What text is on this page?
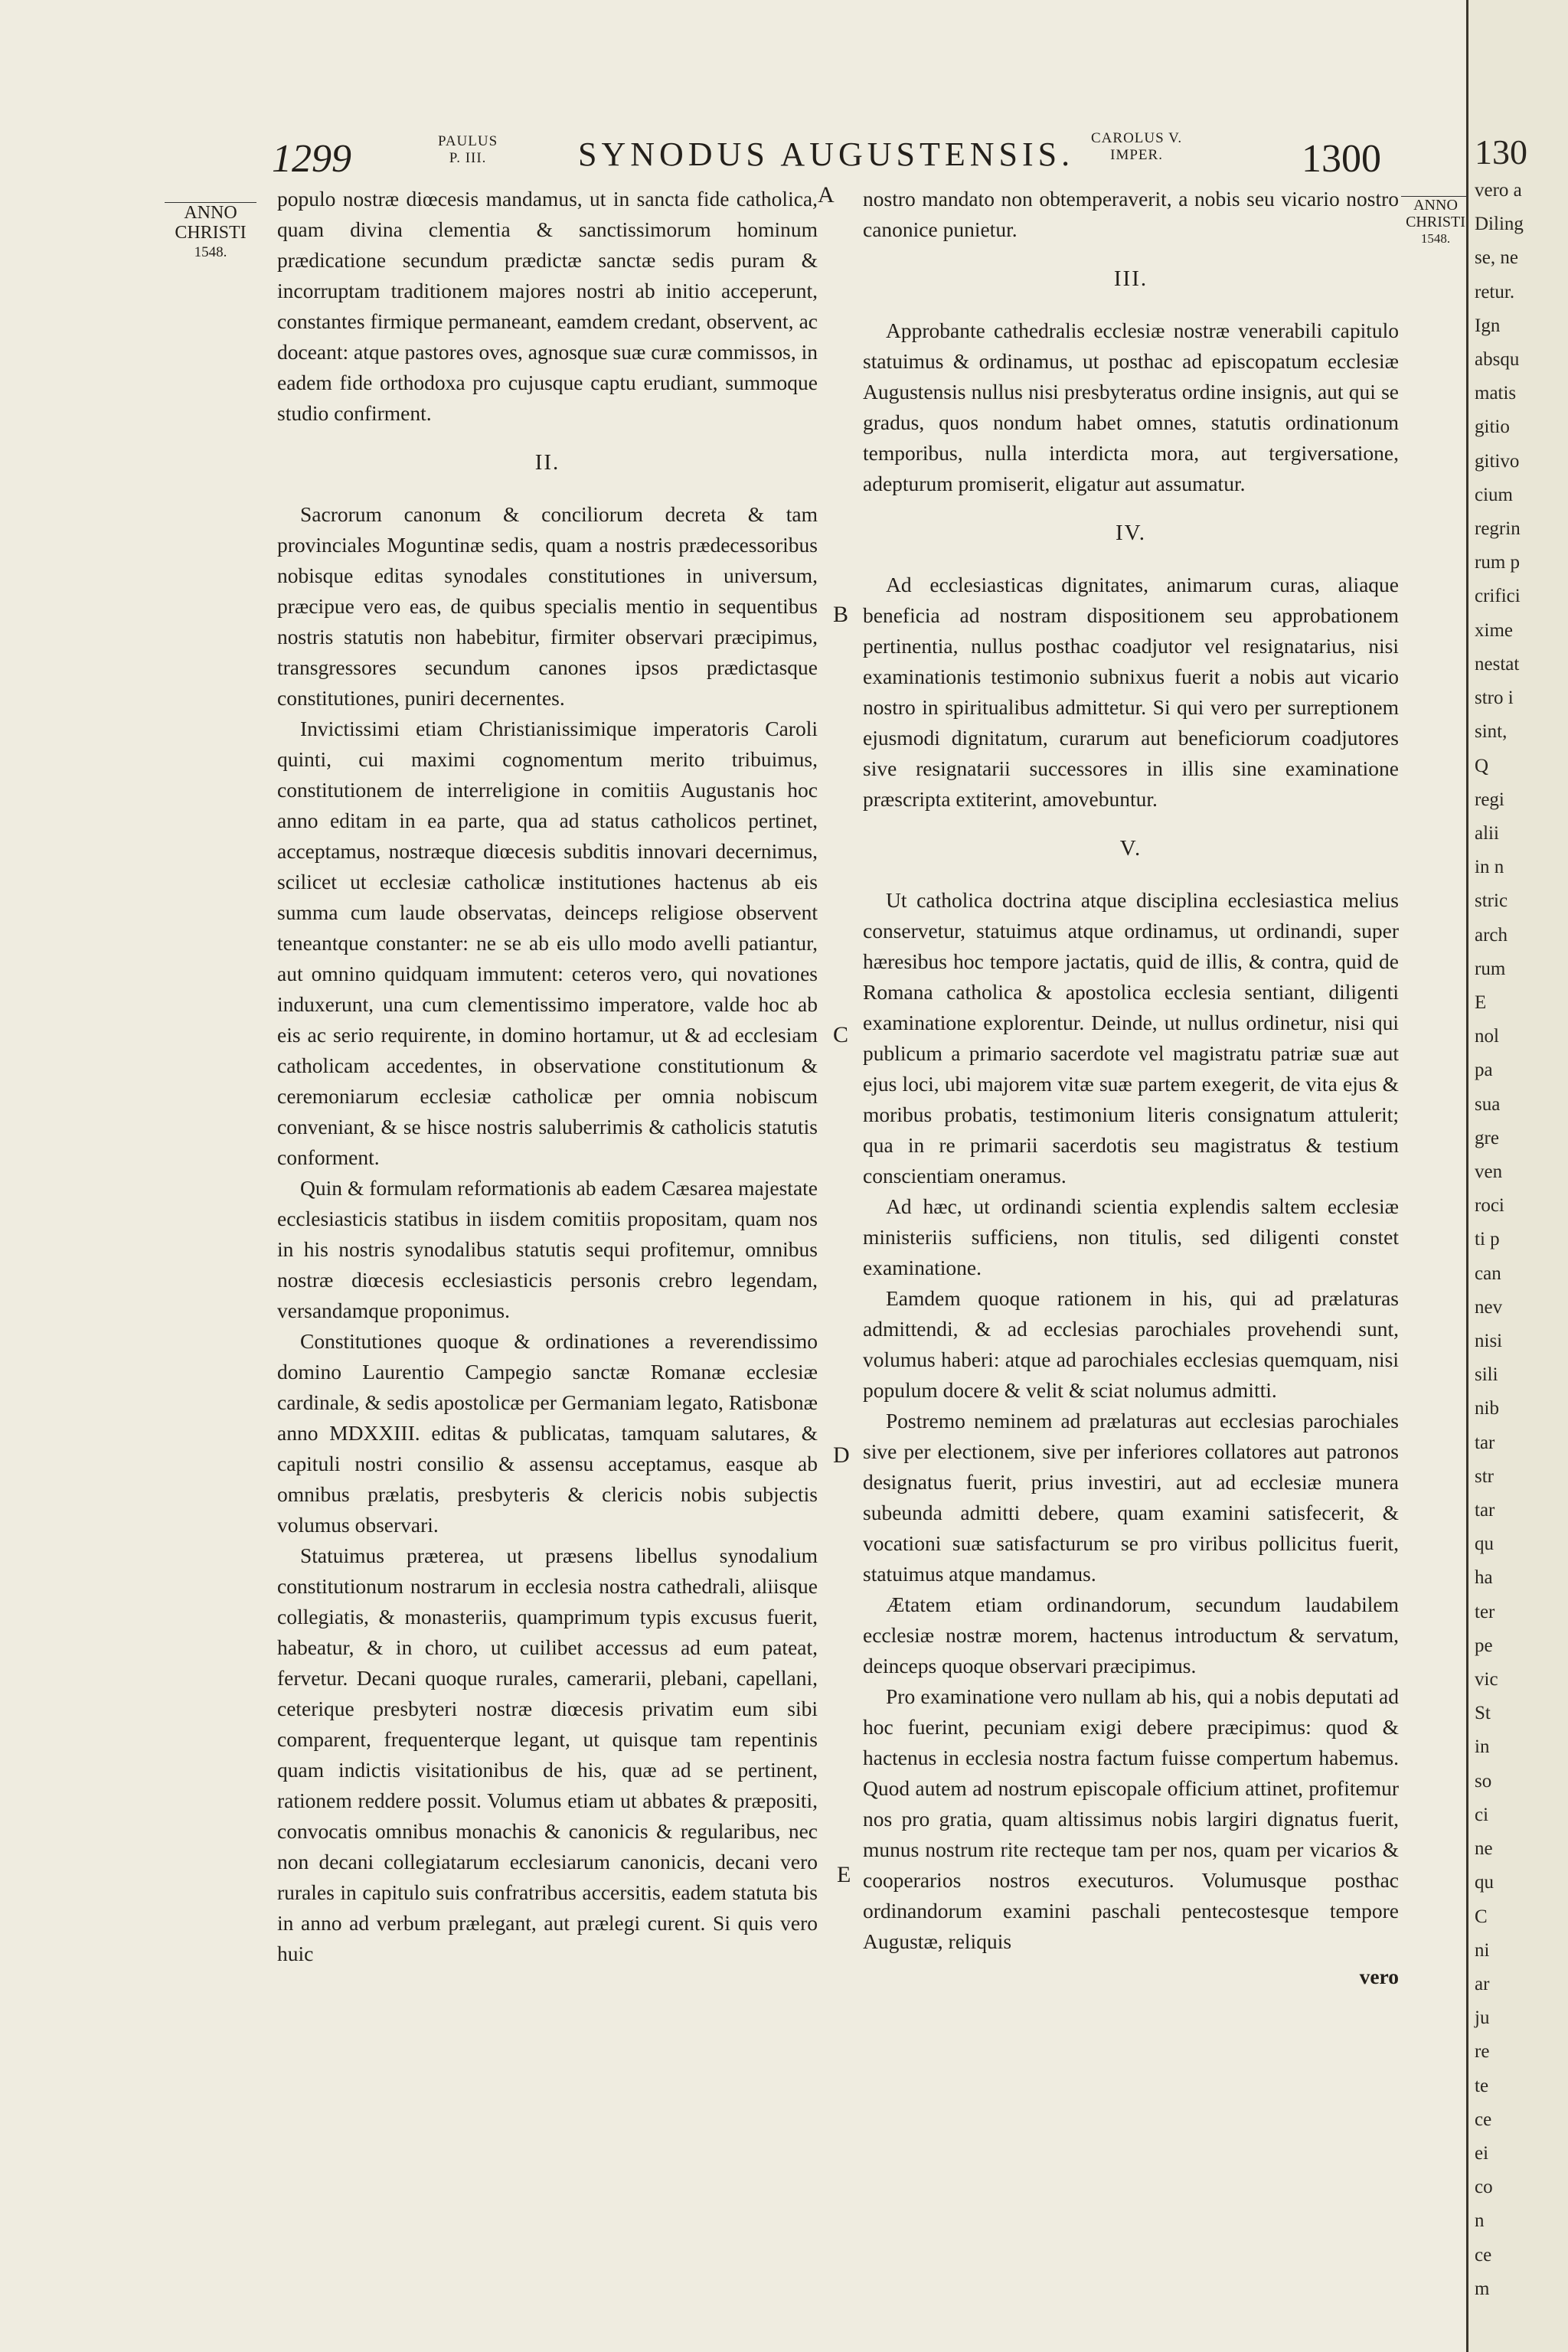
1299	PAULUS
P. III.	SYNODUS AUGUSTENSIS. CAROLUS V.
IMPER.	1300
ANNO
CHRISTI
1548.
ANNO
CHRISTI
1548.
A
B
C
D
E

populo nostræ diœcesis mandamus, ut in sancta fide catholica, quam divina clementia & sanctissimorum hominum prædicatione secundum prædictæ sanctæ sedis puram & incorruptam traditionem majores nostri ab initio acceperunt, constantes firmique permaneant, eamdem credant, observent, ac doceant: atque pastores oves, agnosque suæ curæ commissos, in eadem fide orthodoxa pro cujusque captu erudiant, summoque studio confirment.

II.

Sacrorum canonum & conciliorum decreta & tam provinciales Moguntinæ sedis, quam a nostris prædecessoribus nobisque editas synodales constitutiones in universum, præcipue vero eas, de quibus specialis mentio in sequentibus nostris statutis non habebitur, firmiter observari præcipimus, transgressores secundum canones ipsos prædictasque constitutiones, puniri decernentes.

Invictissimi etiam Christianissimique imperatoris Caroli quinti, cui maximi cognomentum merito tribuimus, constitutionem de interreligione in comitiis Augustanis hoc anno editam in ea parte, qua ad status catholicos pertinet, acceptamus, nostræque diœcesis subditis innovari decernimus, scilicet ut ecclesiæ catholicæ institutiones hactenus ab eis summa cum laude observatas, deinceps religiose observent teneantque constanter: ne se ab eis ullo modo avelli patiantur, aut omnino quidquam immutent: ceteros vero, qui novationes induxerunt, una cum clementissimo imperatore, valde hoc ab eis ac serio requirente, in domino hortamur, ut & ad ecclesiam catholicam accedentes, in observatione constitutionum & ceremoniarum ecclesiæ catholicæ per omnia nobiscum conveniant, & se hisce nostris saluberrimis & catholicis statutis conforment.

Quin & formulam reformationis ab eadem Cæsarea majestate ecclesiasticis statibus in iisdem comitiis propositam, quam nos in his nostris synodalibus statutis sequi profitemur, omnibus nostræ diœcesis ecclesiasticis personis crebro legendam, versandamque proponimus.

Constitutiones quoque & ordinationes a reverendissimo domino Laurentio Campegio sanctæ Romanæ ecclesiæ cardinale, & sedis apostolicæ per Germaniam legato, Ratisbonæ anno MDXXIII. editas & publicatas, tamquam salutares, & capituli nostri consilio & assensu acceptamus, easque ab omnibus prælatis, presbyteris & clericis nobis subjectis volumus observari.

Statuimus præterea, ut præsens libellus synodalium constitutionum nostrarum in ecclesia nostra cathedrali, aliisque collegiatis, & monasteriis, quamprimum typis excusus fuerit, habeatur, & in choro, ut cuilibet accessus ad eum pateat, fervetur. Decani quoque rurales, camerarii, plebani, capellani, ceterique presbyteri nostræ diœcesis privatim eum sibi comparent, frequenterque legant, ut quisque tam repentinis quam indictis visitationibus de his, quæ ad se pertinent, rationem reddere possit. Volumus etiam ut abbates & præpositi, convocatis omnibus monachis & canonicis & regularibus, nec non decani collegiatarum ecclesiarum canonicis, decani vero rurales in capitulo suis confratribus accersitis, eadem statuta bis in anno ad verbum prælegant, aut prælegi curent. Si quis vero huic

nostro mandato non obtemperaverit, a nobis seu vicario nostro canonice punietur.

III.

Approbante cathedralis ecclesiæ nostræ venerabili capitulo statuimus & ordinamus, ut posthac ad episcopatum ecclesiæ Augustensis nullus nisi presbyteratus ordine insignis, aut qui se gradus, quos nondum habet omnes, statutis ordinationum temporibus, nulla interdicta mora, aut tergiversatione, adepturum promiserit, eligatur aut assumatur.

IV.

Ad ecclesiasticas dignitates, animarum curas, aliaque beneficia ad nostram dispositionem seu approbationem pertinentia, nullus posthac coadjutor vel resignatarius, nisi examinationis testimonio subnixus fuerit a nobis aut vicario nostro in spiritualibus admittetur. Si qui vero per surreptionem ejusmodi dignitatum, curarum aut beneficiorum coadjutores sive resignatarii successores in illis sine examinatione præscripta extiterint, amovebuntur.

V.

Ut catholica doctrina atque disciplina ecclesiastica melius conservetur, statuimus atque ordinamus, ut ordinandi, super hæresibus hoc tempore jactatis, quid de illis, & contra, quid de Romana catholica & apostolica ecclesia sentiant, diligenti examinatione explorentur. Deinde, ut nullus ordinetur, nisi qui publicum a primario sacerdote vel magistratu patriæ suæ aut ejus loci, ubi majorem vitæ suæ partem exegerit, de vita ejus & moribus probatis, testimonium literis consignatum attulerit; qua in re primarii sacerdotis seu magistratus & testium conscientiam oneramus.

Ad hæc, ut ordinandi scientia explendis saltem ecclesiæ ministeriis sufficiens, non titulis, sed diligenti constet examinatione.

Eamdem quoque rationem in his, qui ad prælaturas admittendi, & ad ecclesias parochiales provehendi sunt, volumus haberi: atque ad parochiales ecclesias quemquam, nisi populum docere & velit & sciat nolumus admitti.

Postremo neminem ad prælaturas aut ecclesias parochiales sive per electionem, sive per inferiores collatores aut patronos designatus fuerit, prius investiri, aut ad ecclesiæ munera subeunda admitti debere, quam examini satisfecerit, & vocationi suæ satisfacturum se pro viribus pollicitus fuerit, statuimus atque mandamus.

Ætatem etiam ordinandorum, secundum laudabilem ecclesiæ nostræ morem, hactenus introductum & servatum, deinceps quoque observari præcipimus.

Pro examinatione vero nullam ab his, qui a nobis deputati ad hoc fuerint, pecuniam exigi debere præcipimus: quod & hactenus in ecclesia nostra factum fuisse compertum habemus. Quod autem ad nostrum episcopale officium attinet, profitemur nos pro gratia, quam altissimus nobis largiri dignatus fuerit, munus nostrum rite recteque tam per nos, quam per vicarios & cooperarios nostros executuros. Volumusque posthac ordinandorum examini paschali pentecostesque tempore Augustæ, reliquis

vero

130
vero a
Diling
se, ne
retur.
Ign
absqu
matis
gitio
gitivo
cium
regrin
rum p
crifici
xime
nestat
stro i
sint,
Q
regi
alii
in n
stric
arch
rum
E
nol
pa
sua
gre
ven
roci
ti p
can
nev
nisi
sili
nib
tar
str
tar
qu
ha
ter
pe
vic
St
in
so
ci
ne
qu
C
ni
ar
ju
re
te
ce
ei
co
n
ce
m
